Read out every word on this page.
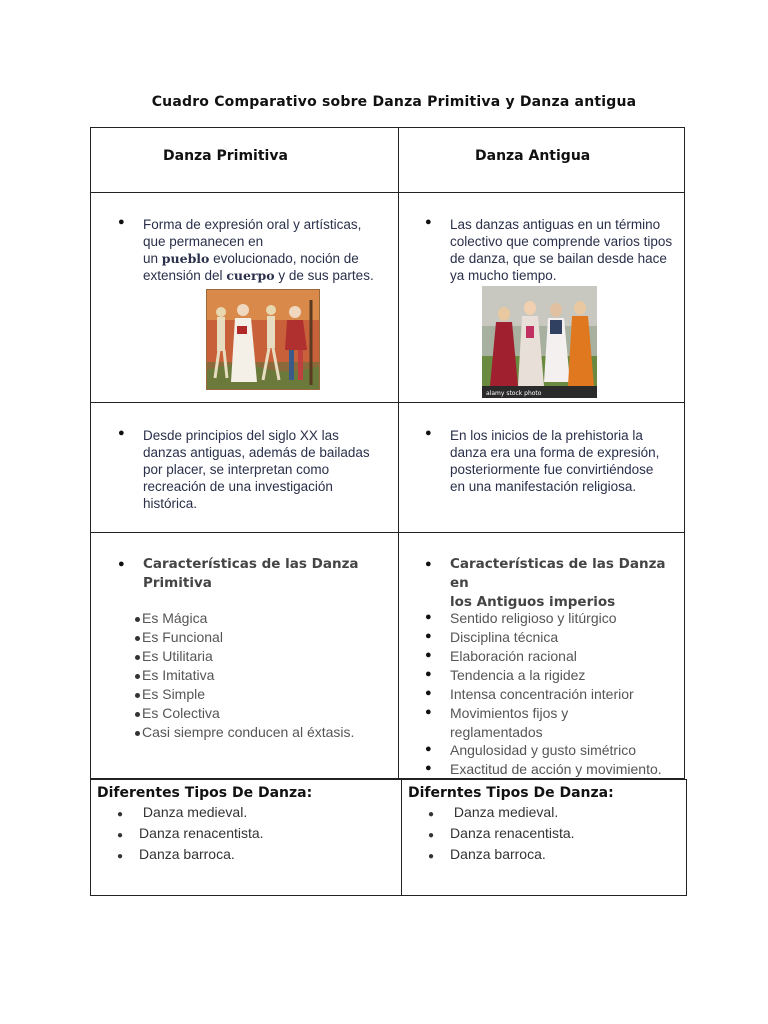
Cuadro Comparativo sobre Danza Primitiva y Danza antigua
Danza Primitiva	Danza Antigua
● Forma de expresión oral y artísticas,
que permanecen en
un pueblo evolucionado, noción de
extensión del cuerpo y de sus partes.
● Las danzas antiguas en un término
colectivo que comprende varios tipos
de danza, que se bailan desde hace
ya mucho tiempo.
alamy stock photo
● Desde principios del siglo XX las
danzas antiguas, además de bailadas
por placer, se interpretan como
recreación de una investigación
histórica.
● En los inicios de la prehistoria la
danza era una forma de expresión,
posteriormente fue convirtiéndose
en una manifestación religiosa.
● Características de las Danza
Primitiva
Es Mágica
Es Funcional
Es Utilitaria
Es Imitativa
Es Simple
Es Colectiva
Casi siempre conducen al éxtasis.
● Características de las Danza en
los Antiguos imperios
● Sentido religioso y litúrgico
● Disciplina técnica
● Elaboración racional
● Tendencia a la rigidez
● Intensa concentración interior
● Movimientos fijos y
reglamentados
● Angulosidad y gusto simétrico
● Exactitud de acción y movimiento.
Diferentes Tipos De Danza:
● Danza medieval.
● Danza renacentista.
● Danza barroca.
Diferntes Tipos De Danza:
● Danza medieval.
● Danza renacentista.
● Danza barroca.
